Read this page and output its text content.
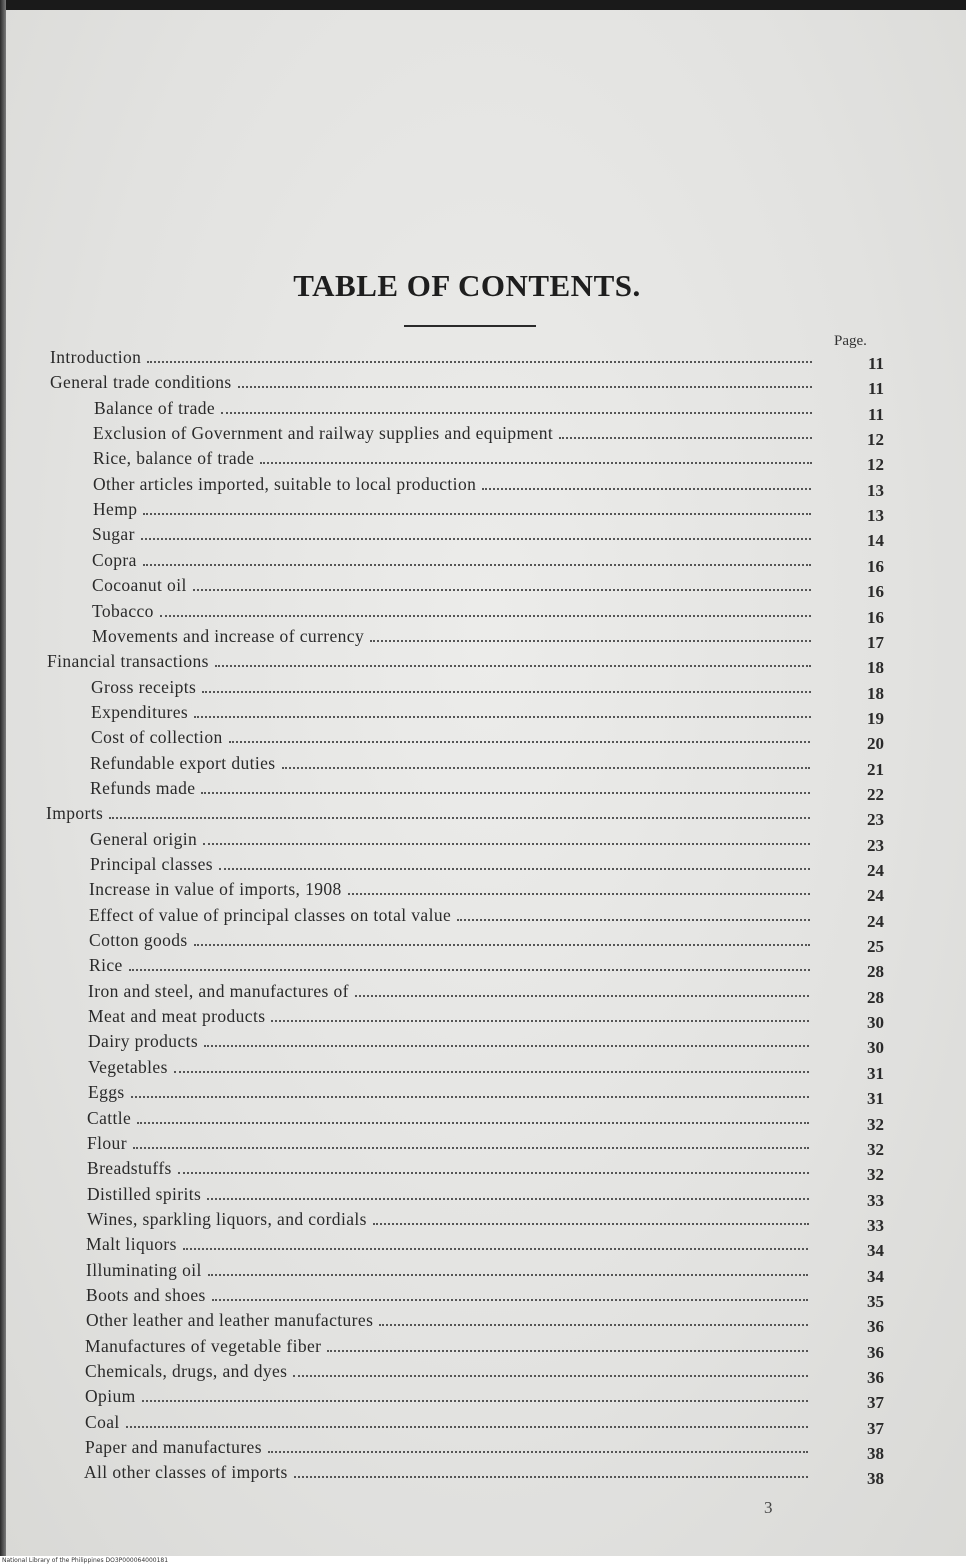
TABLE OF CONTENTS.
Page.
Introduction	11
General trade conditions	11
Balance of trade	11
Exclusion of Government and railway supplies and equipment	12
Rice, balance of trade	12
Other articles imported, suitable to local production	13
Hemp	13
Sugar	14
Copra	16
Cocoanut oil	16
Tobacco	16
Movements and increase of currency	17
Financial transactions	18
Gross receipts	18
Expenditures	19
Cost of collection	20
Refundable export duties	21
Refunds made	22
Imports	23
General origin	23
Principal classes	24
Increase in value of imports, 1908	24
Effect of value of principal classes on total value	24
Cotton goods	25
Rice	28
Iron and steel, and manufactures of	28
Meat and meat products	30
Dairy products	30
Vegetables	31
Eggs	31
Cattle	32
Flour	32
Breadstuffs	32
Distilled spirits	33
Wines, sparkling liquors, and cordials	33
Malt liquors	34
Illuminating oil	34
Boots and shoes	35
Other leather and leather manufactures	36
Manufactures of vegetable fiber	36
Chemicals, drugs, and dyes	36
Opium	37
Coal	37
Paper and manufactures	38
All other classes of imports	38
3
National Library of the Philippines DO3P000064000181
